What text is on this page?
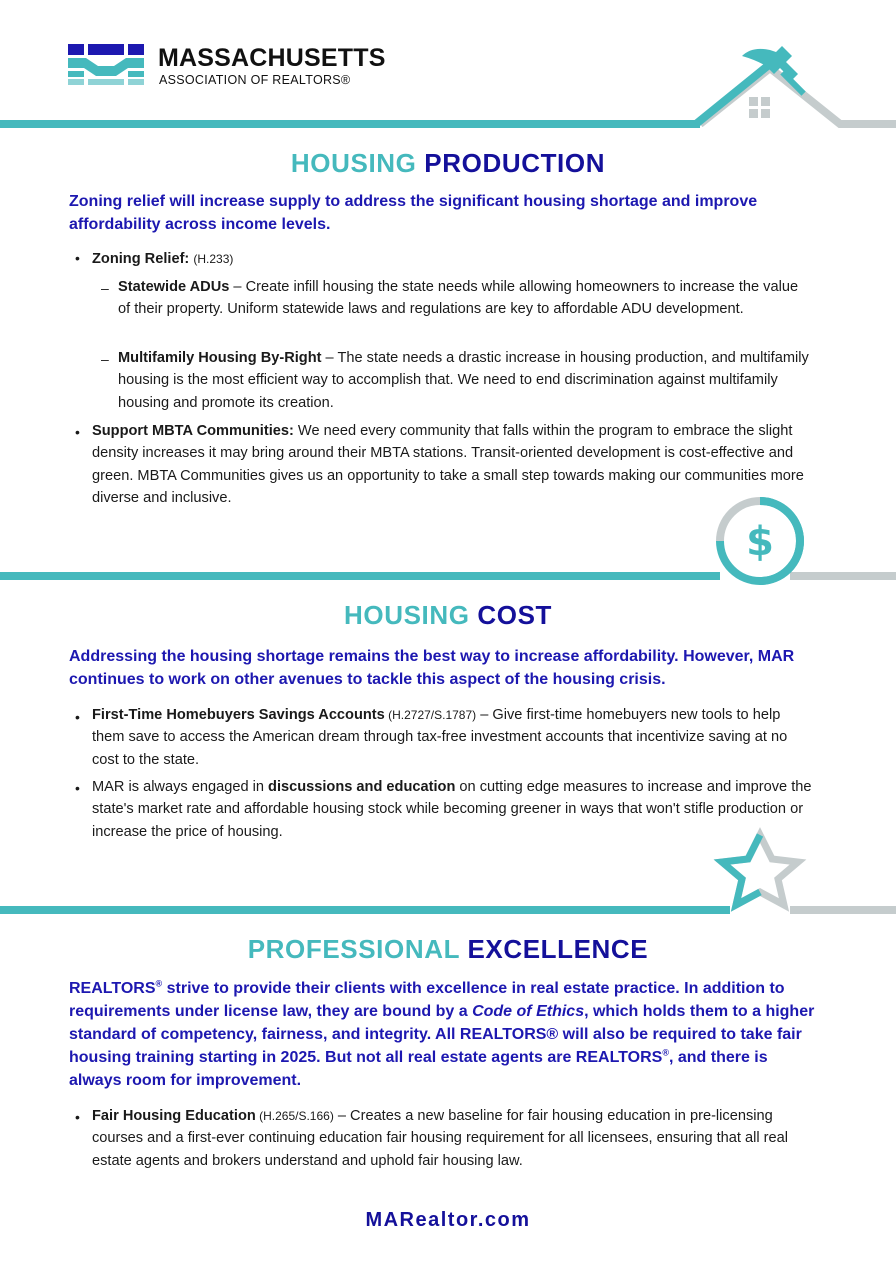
MASSACHUSETTS
ASSOCIATION OF REALTORS®
HOUSING PRODUCTION
Zoning relief will increase supply to address the significant housing shortage and improve affordability across income levels.
• Zoning Relief: (H.233)
– Statewide ADUs – Create infill housing the state needs while allowing homeowners to increase the value of their property. Uniform statewide laws and regulations are key to affordable ADU development.
– Multifamily Housing By-Right – The state needs a drastic increase in housing production, and multifamily housing is the most efficient way to accomplish that. We need to end discrimination against multifamily housing and promote its creation.
• Support MBTA Communities: We need every community that falls within the program to embrace the slight density increases it may bring around their MBTA stations. Transit-oriented development is cost-effective and green. MBTA Communities gives us an opportunity to take a small step towards making our communities more diverse and inclusive.
$
HOUSING COST
Addressing the housing shortage remains the best way to increase affordability. However, MAR continues to work on other avenues to tackle this aspect of the housing crisis.
• First-Time Homebuyers Savings Accounts (H.2727/S.1787) – Give first-time homebuyers new tools to help them save to access the American dream through tax-free investment accounts that incentivize saving at no cost to the state.
• MAR is always engaged in discussions and education on cutting edge measures to increase and improve the state's market rate and affordable housing stock while becoming greener in ways that won't stifle production or increase the price of housing.
PROFESSIONAL EXCELLENCE
REALTORS® strive to provide their clients with excellence in real estate practice. In addition to requirements under license law, they are bound by a Code of Ethics, which holds them to a higher standard of competency, fairness, and integrity. All REALTORS® will also be required to take fair housing training starting in 2025. But not all real estate agents are REALTORS®, and there is always room for improvement.
• Fair Housing Education (H.265/S.166) – Creates a new baseline for fair housing education in pre-licensing courses and a first-ever continuing education fair housing requirement for all licensees, ensuring that all real estate agents and brokers understand and uphold fair housing law.
MARealtor.com
